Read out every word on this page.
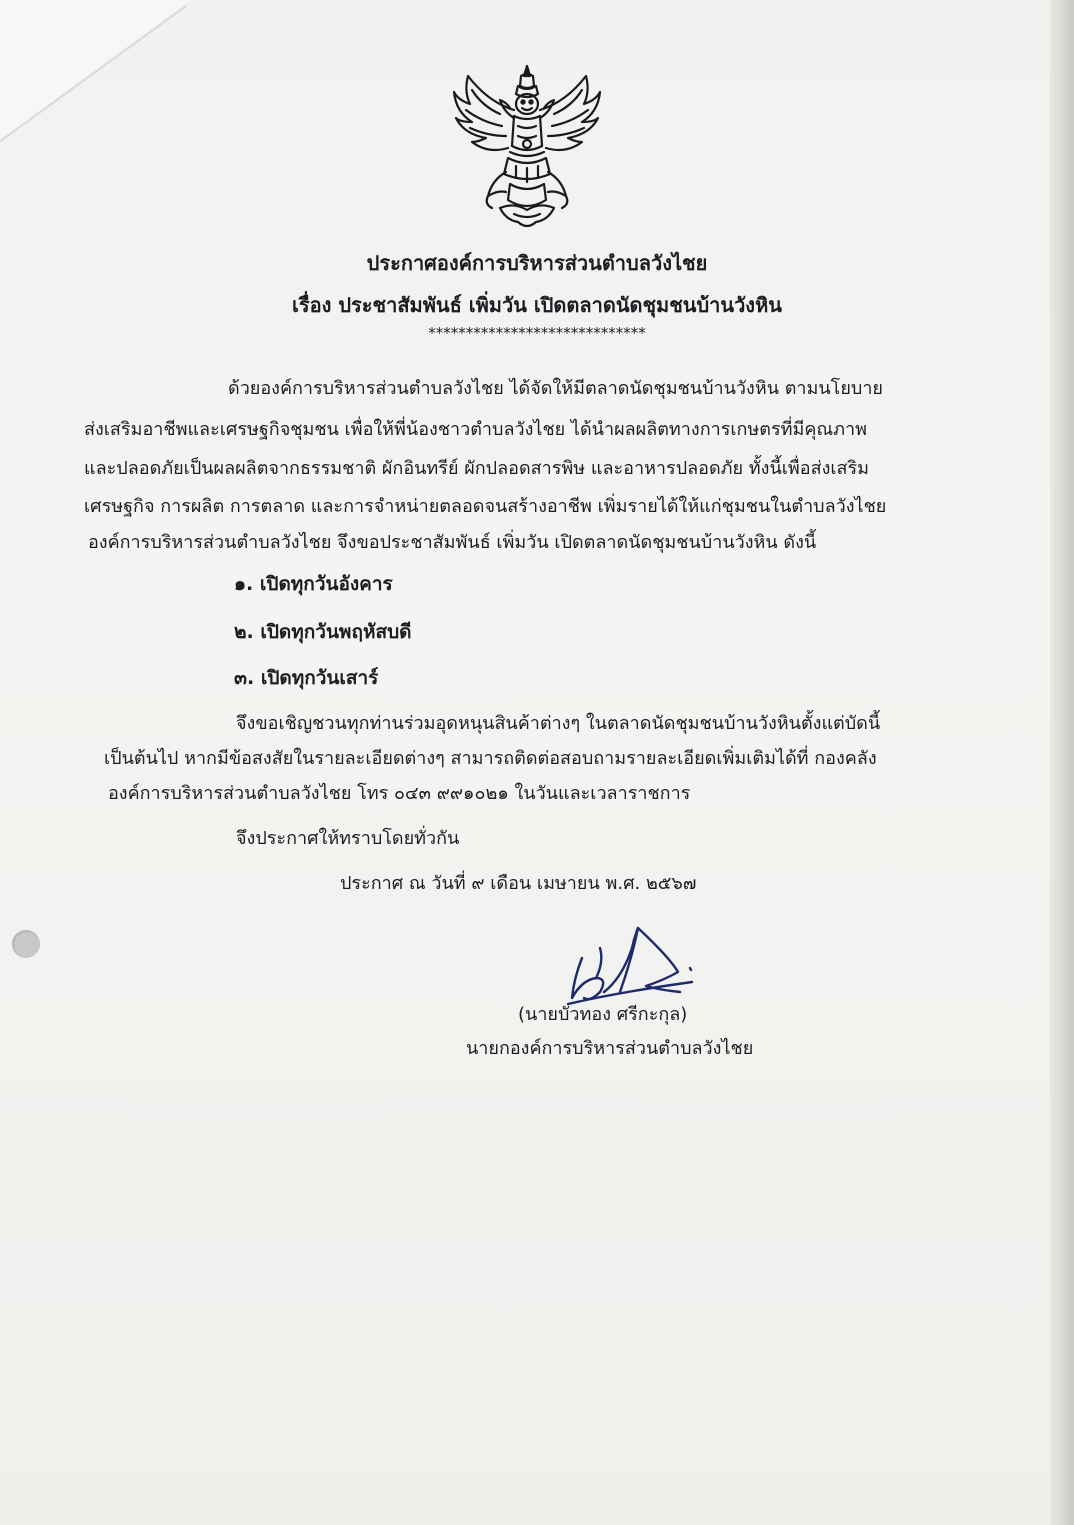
ประกาศองค์การบริหารส่วนตำบลวังไชย
เรื่อง ประชาสัมพันธ์ เพิ่มวัน เปิดตลาดนัดชุมชนบ้านวังหิน
*****************************
ด้วยองค์การบริหารส่วนตำบลวังไชย ได้จัดให้มีตลาดนัดชุมชนบ้านวังหิน ตามนโยบาย
ส่งเสริมอาชีพและเศรษฐกิจชุมชน เพื่อให้พี่น้องชาวตำบลวังไชย ได้นำผลผลิตทางการเกษตรที่มีคุณภาพ
และปลอดภัยเป็นผลผลิตจากธรรมชาติ ผักอินทรีย์ ผักปลอดสารพิษ และอาหารปลอดภัย ทั้งนี้เพื่อส่งเสริม
เศรษฐกิจ การผลิต การตลาด และการจำหน่ายตลอดจนสร้างอาชีพ เพิ่มรายได้ให้แก่ชุมชนในตำบลวังไชย
องค์การบริหารส่วนตำบลวังไชย จึงขอประชาสัมพันธ์ เพิ่มวัน เปิดตลาดนัดชุมชนบ้านวังหิน ดังนี้
๑. เปิดทุกวันอังคาร
๒. เปิดทุกวันพฤหัสบดี
๓. เปิดทุกวันเสาร์
จึงขอเชิญชวนทุกท่านร่วมอุดหนุนสินค้าต่างๆ ในตลาดนัดชุมชนบ้านวังหินตั้งแต่บัดนี้
เป็นต้นไป หากมีข้อสงสัยในรายละเอียดต่างๆ สามารถติดต่อสอบถามรายละเอียดเพิ่มเติมได้ที่ กองคลัง
องค์การบริหารส่วนตำบลวังไชย โทร ๐๔๓ ๙๙๑๐๒๑ ในวันและเวลาราชการ
จึงประกาศให้ทราบโดยทั่วกัน
ประกาศ ณ วันที่ ๙ เดือน เมษายน พ.ศ. ๒๕๖๗
(นายบัวทอง ศรีกะกุล)
นายกองค์การบริหารส่วนตำบลวังไชย
